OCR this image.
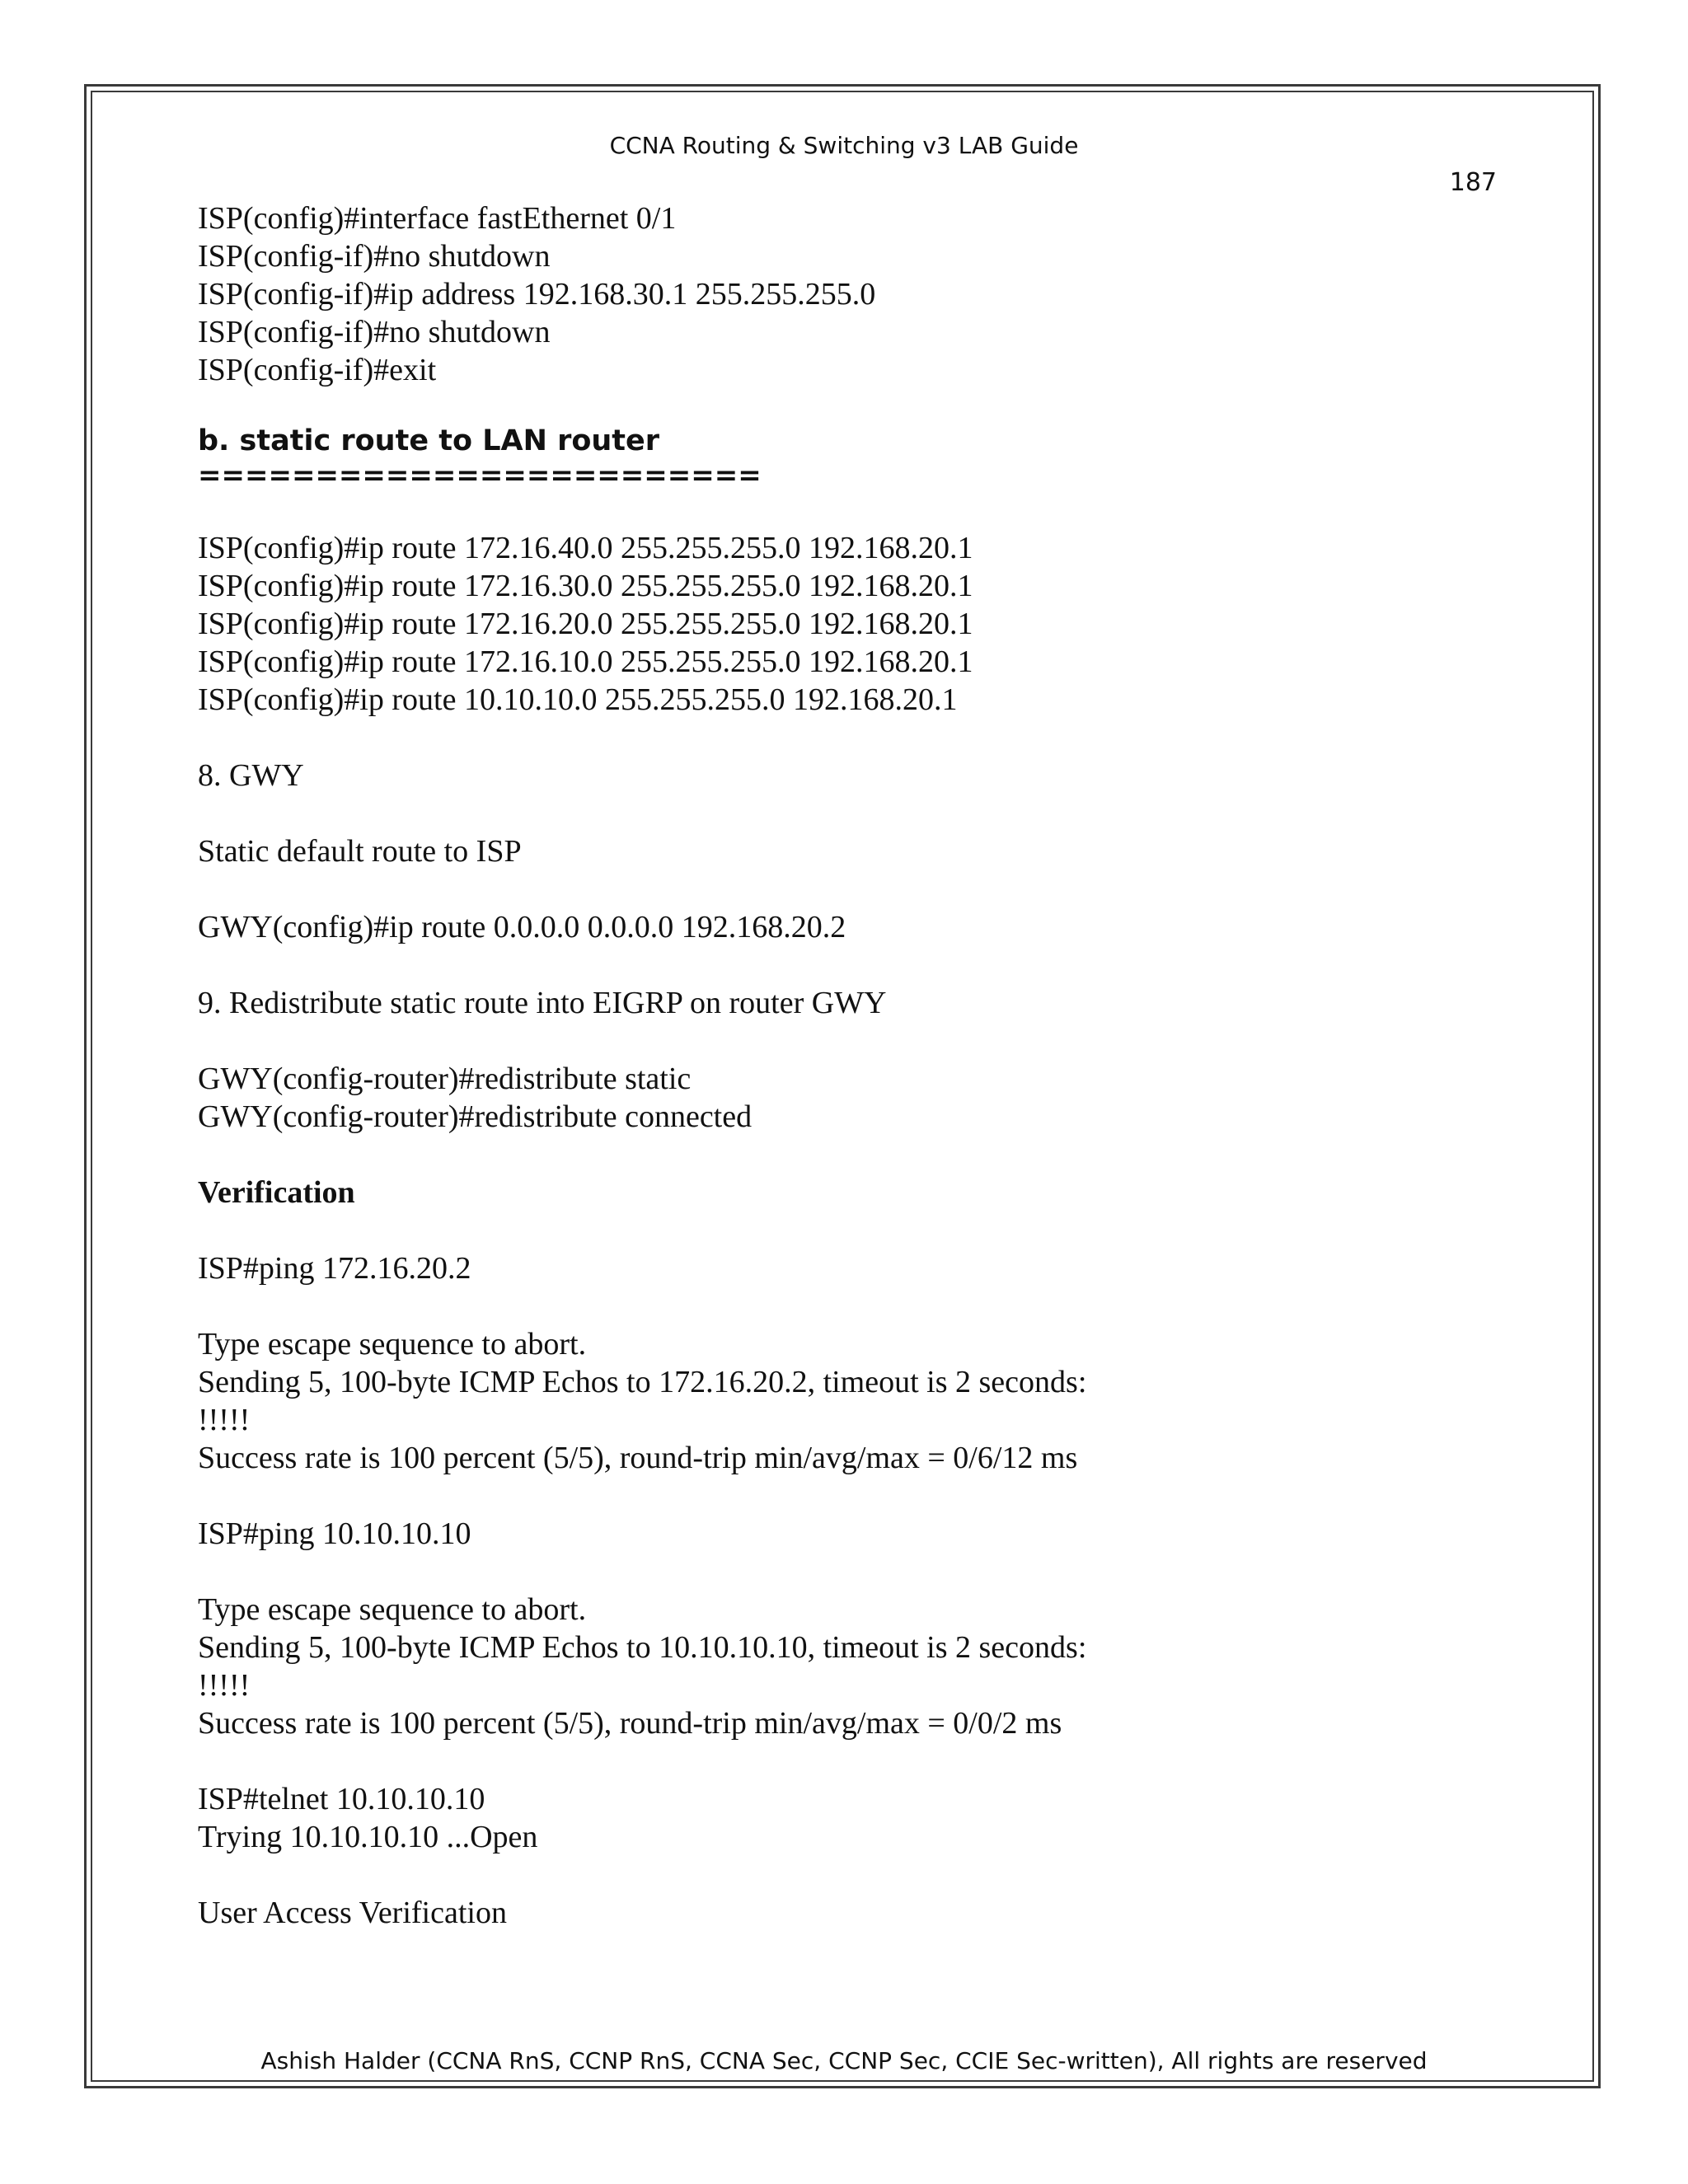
CCNA Routing & Switching v3 LAB Guide
187

ISP(config)#interface fastEthernet 0/1

ISP(config-if)#no shutdown

ISP(config-if)#ip address 192.168.30.1 255.255.255.0

ISP(config-if)#no shutdown

ISP(config-if)#exit

b. static route to LAN router

========================

ISP(config)#ip route 172.16.40.0 255.255.255.0 192.168.20.1

ISP(config)#ip route 172.16.30.0 255.255.255.0 192.168.20.1

ISP(config)#ip route 172.16.20.0 255.255.255.0 192.168.20.1

ISP(config)#ip route 172.16.10.0 255.255.255.0 192.168.20.1

ISP(config)#ip route 10.10.10.0 255.255.255.0 192.168.20.1

8. GWY

Static default route to ISP

GWY(config)#ip route 0.0.0.0 0.0.0.0 192.168.20.2

9. Redistribute static route into EIGRP on router GWY

GWY(config-router)#redistribute static

GWY(config-router)#redistribute connected

Verification

ISP#ping 172.16.20.2

Type escape sequence to abort.

Sending 5, 100-byte ICMP Echos to 172.16.20.2, timeout is 2 seconds:

!!!!!

Success rate is 100 percent (5/5), round-trip min/avg/max = 0/6/12 ms

ISP#ping 10.10.10.10

Type escape sequence to abort.

Sending 5, 100-byte ICMP Echos to 10.10.10.10, timeout is 2 seconds:

!!!!!

Success rate is 100 percent (5/5), round-trip min/avg/max = 0/0/2 ms

ISP#telnet 10.10.10.10

Trying 10.10.10.10 ...Open

User Access Verification

Ashish Halder (CCNA RnS, CCNP RnS, CCNA Sec, CCNP Sec, CCIE Sec-written), All rights are reserved
